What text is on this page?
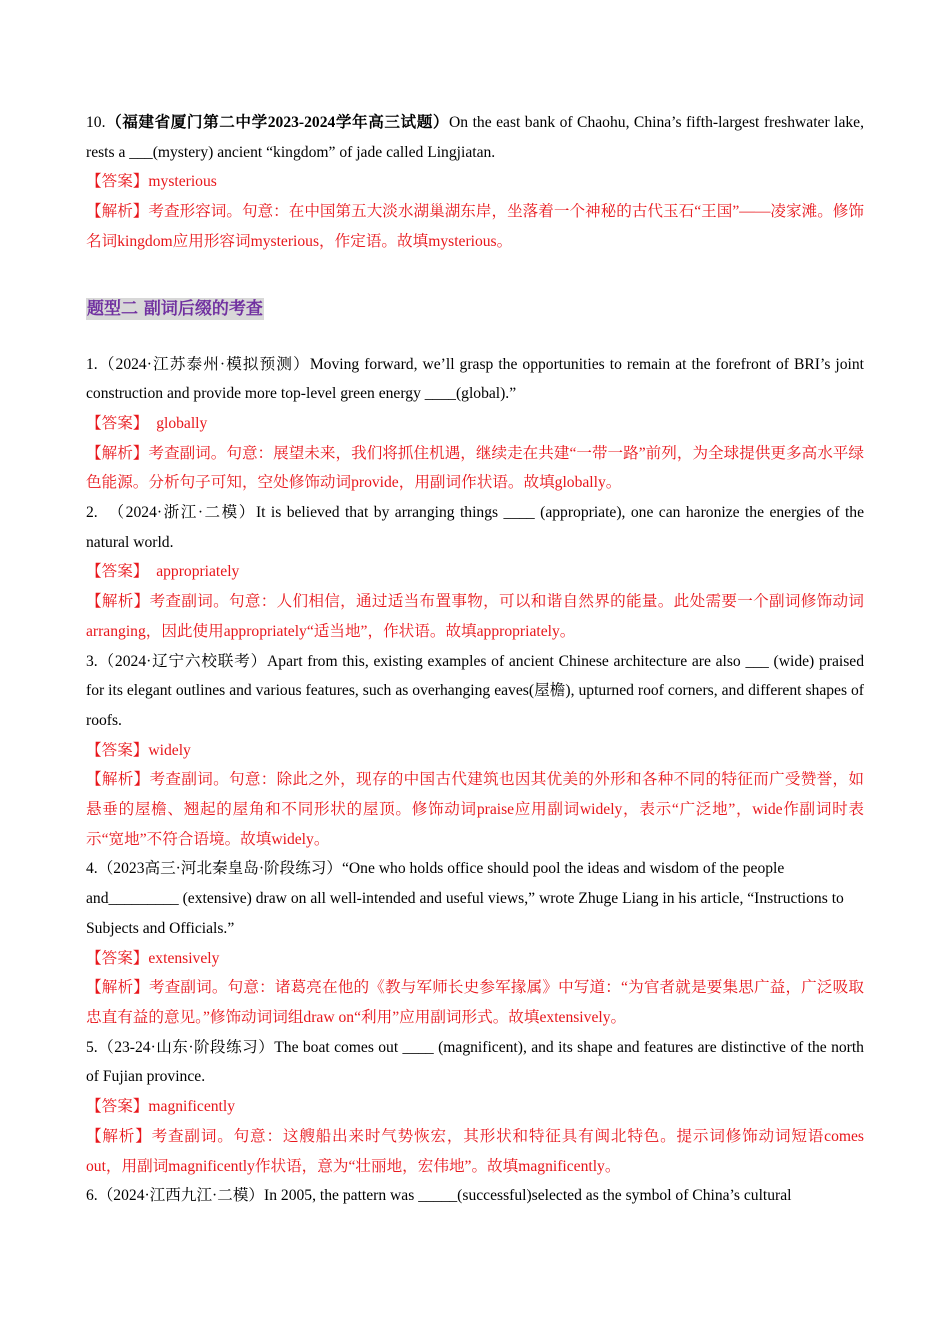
10.（福建省厦门第二中学2023-2024学年高三试题）On the east bank of Chaohu, China’s fifth-largest freshwater lake, rests a ___(mystery) ancient “kingdom” of jade called Lingjiatan.

【答案】mysterious

【解析】考查形容词。句意：在中国第五大淡水湖巢湖东岸，坐落着一个神秘的古代玉石“王国”——凌家滩。修饰名词kingdom应用形容词mysterious，作定语。故填mysterious。

题型二 副词后缀的考查

1.（2024·江苏泰州·模拟预测）Moving forward, we’ll grasp the opportunities to remain at the forefront of BRI’s joint construction and provide more top-level green energy ____(global).”

【答案】  globally

【解析】考查副词。句意：展望未来，我们将抓住机遇，继续走在共建“一带一路”前列，为全球提供更多高水平绿色能源。分析句子可知，空处修饰动词provide，用副词作状语。故填globally。

2.  （2024·浙江·二模）It is believed that by arranging things ____ (appropriate), one can haronize the energies of the natural world.

【答案】  appropriately

【解析】考查副词。句意：人们相信，通过适当布置事物，可以和谐自然界的能量。此处需要一个副词修饰动词arranging，因此使用appropriately“适当地”，作状语。故填appropriately。

3.（2024·辽宁六校联考）Apart from this, existing examples of ancient Chinese architecture are also ___ (wide) praised for its elegant outlines and various features, such as overhanging eaves(屋檐), upturned roof corners, and different shapes of roofs.

【答案】widely

【解析】考查副词。句意：除此之外，现存的中国古代建筑也因其优美的外形和各种不同的特征而广受赞誉，如悬垂的屋檐、翘起的屋角和不同形状的屋顶。修饰动词praise应用副词widely，表示“广泛地”，wide作副词时表示“宽地”不符合语境。故填widely。

4.（2023高三·河北秦皇岛·阶段练习）“One who holds office should pool the ideas and wisdom of the people and_________ (extensive) draw on all well-intended and useful views,” wrote Zhuge Liang in his article, “Instructions to Subjects and Officials.”

【答案】extensively

【解析】考查副词。句意：诸葛亮在他的《教与军师长史参军掾属》中写道：“为官者就是要集思广益，广泛吸取忠直有益的意见。”修饰动词词组draw on“利用”应用副词形式。故填extensively。

5.（23-24·山东·阶段练习）The boat comes out ____ (magnificent), and its shape and features are distinctive of the north of Fujian province.

【答案】magnificently

【解析】考查副词。句意：这艘船出来时气势恢宏，其形状和特征具有闽北特色。提示词修饰动词短语comes out，用副词magnificently作状语，意为“壮丽地，宏伟地”。故填magnificently。

6.（2024·江西九江·二模）In 2005, the pattern was _____(successful)selected as the symbol of China’s cultural
